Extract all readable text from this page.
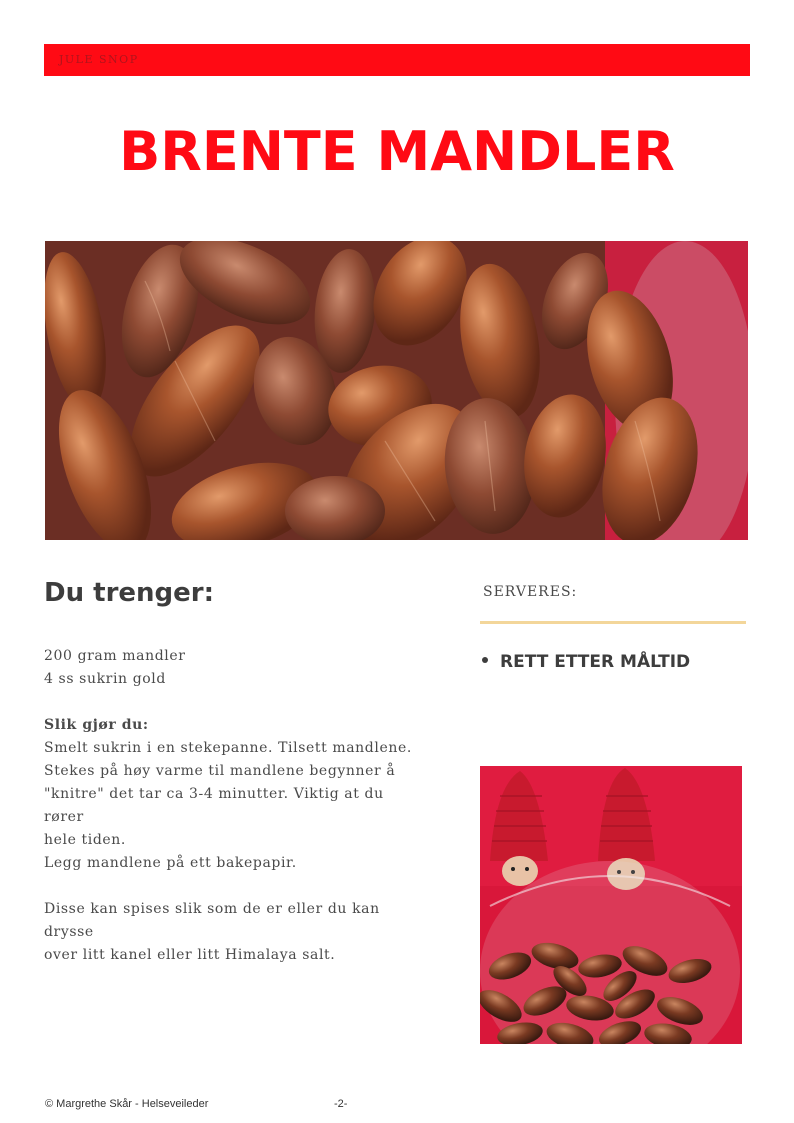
JULE SNOP
BRENTE MANDLER
Du trenger:
200 gram mandler
4 ss sukrin gold
Slik gjør du:
Smelt sukrin i en stekepanne. Tilsett mandlene.
Stekes på høy varme til mandlene begynner å
"knitre" det tar ca 3-4 minutter. Viktig at du rører
hele tiden.
Legg mandlene på ett bakepapir.
Disse kan spises slik som de er eller du kan drysse
over litt kanel eller litt Himalaya salt.
SERVERES:
RETT ETTER MÅLTID
© Margrethe Skår - Helseveileder	-2-
